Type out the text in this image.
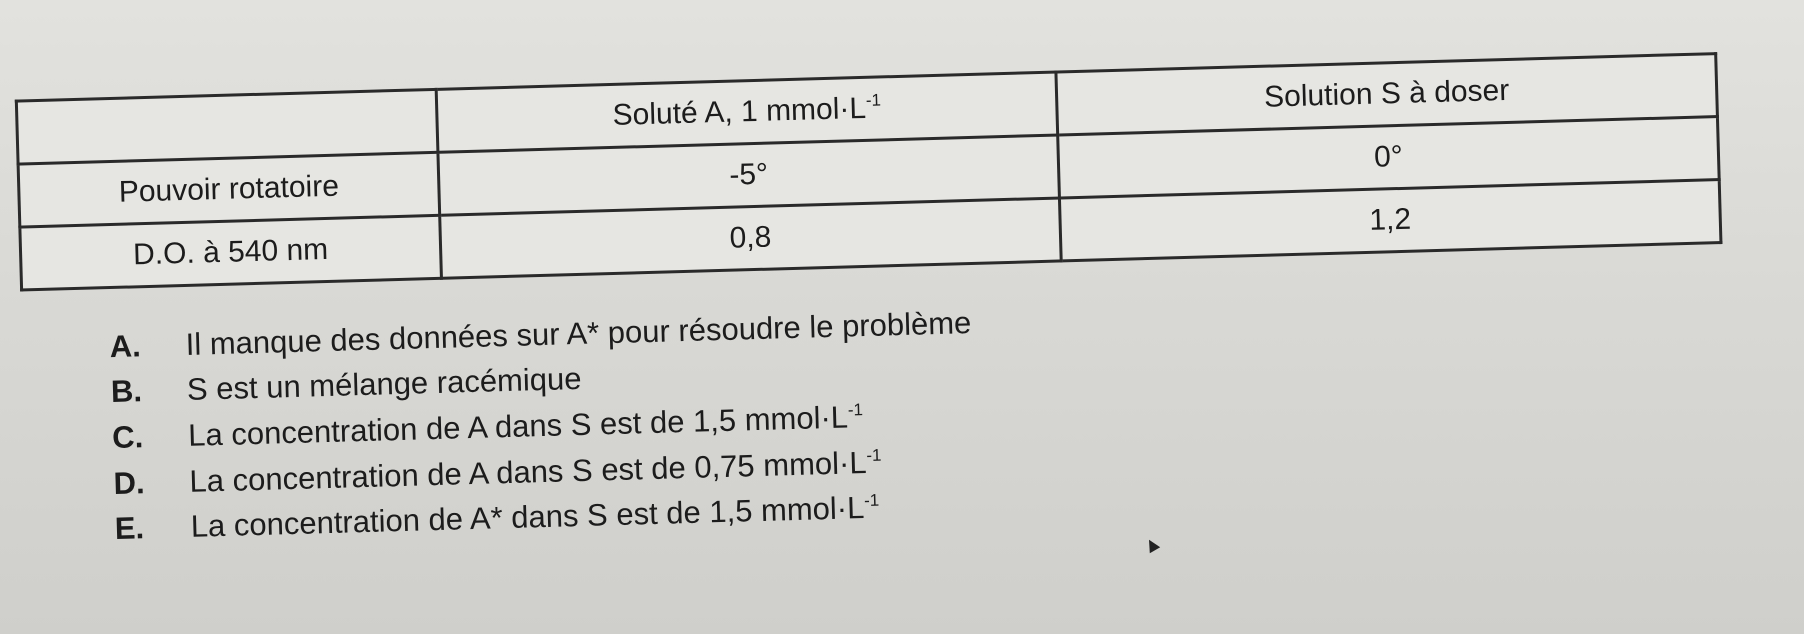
	Soluté A, 1 $mmol\cdot L^{-1}$	Solution S à doser
Pouvoir rotatoire	-5°	0°
D.O. à 540 nm	0,8	1,2
A. Il manque des données sur A* pour résoudre le problème
B. S est un mélange racémique
C. La concentration de A dans S est de 1,5 $mmol\cdot L^{-1}$
D. La concentration de A dans S est de 0,75 $mmol\cdot L^{-1}$
E. La concentration de A* dans S est de 1,5 $mmol\cdot L^{-1}$
